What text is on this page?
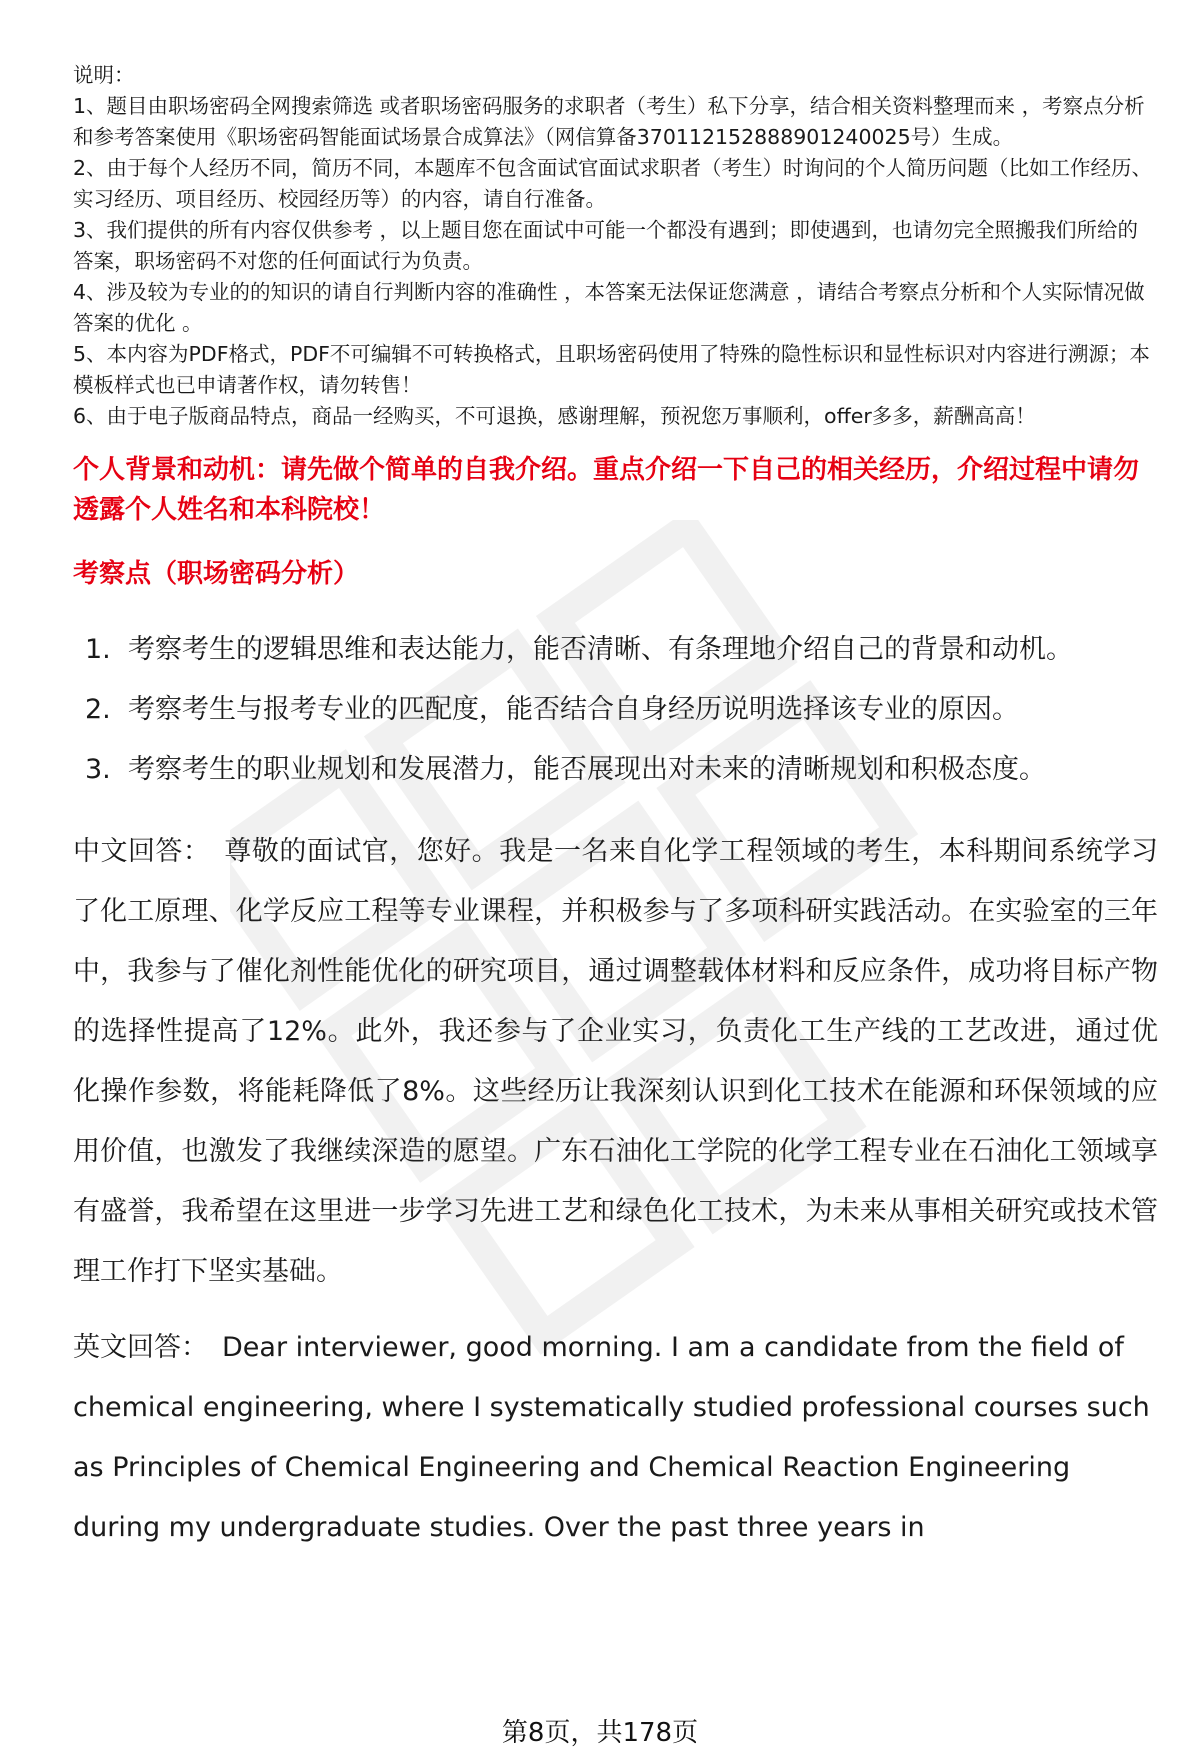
说明：

1、题目由职场密码全网搜索筛选 或者职场密码服务的求职者（考生）私下分享，结合相关资料整理而来 ，考察点分析和参考答案使用《职场密码智能面试场景合成算法》（网信算备370112152888901240025号）生成。

2、由于每个人经历不同，简历不同，本题库不包含面试官面试求职者（考生）时询问的个人简历问题（比如工作经历、实习经历、项目经历、校园经历等）的内容，请自行准备。

3、我们提供的所有内容仅供参考 ，以上题目您在面试中可能一个都没有遇到；即使遇到，也请勿完全照搬我们所给的答案，职场密码不对您的任何面试行为负责。

4、涉及较为专业的的知识的请自行判断内容的准确性 ，本答案无法保证您满意 ，请结合考察点分析和个人实际情况做答案的优化 。

5、本内容为PDF格式，PDF不可编辑不可转换格式，且职场密码使用了特殊的隐性标识和显性标识对内容进行溯源；本模板样式也已申请著作权，请勿转售！

6、由于电子版商品特点，商品一经购买，不可退换，感谢理解，预祝您万事顺利，offer多多，薪酬高高！

个人背景和动机：请先做个简单的自我介绍。重点介绍一下自己的相关经历，介绍过程中请勿透露个人姓名和本科院校！
考察点（职场密码分析）
1. 考察考生的逻辑思维和表达能力，能否清晰、有条理地介绍自己的背景和动机。
2. 考察考生与报考专业的匹配度，能否结合自身经历说明选择该专业的原因。
3. 考察考生的职业规划和发展潜力，能否展现出对未来的清晰规划和积极态度。
中文回答： 尊敬的面试官，您好。我是一名来自化学工程领域的考生，本科期间系统学习了化工原理、化学反应工程等专业课程，并积极参与了多项科研实践活动。在实验室的三年中，我参与了催化剂性能优化的研究项目，通过调整载体材料和反应条件，成功将目标产物的选择性提高了12%。此外，我还参与了企业实习，负责化工生产线的工艺改进，通过优化操作参数，将能耗降低了8%。这些经历让我深刻认识到化工技术在能源和环保领域的应用价值，也激发了我继续深造的愿望。广东石油化工学院的化学工程专业在石油化工领域享有盛誉，我希望在这里进一步学习先进工艺和绿色化工技术，为未来从事相关研究或技术管理工作打下坚实基础。
英文回答： Dear interviewer, good morning. I am a candidate from the field of chemical engineering, where I systematically studied professional courses such as Principles of Chemical Engineering and Chemical Reaction Engineering during my undergraduate studies. Over the past three years in
第8页，共178页
